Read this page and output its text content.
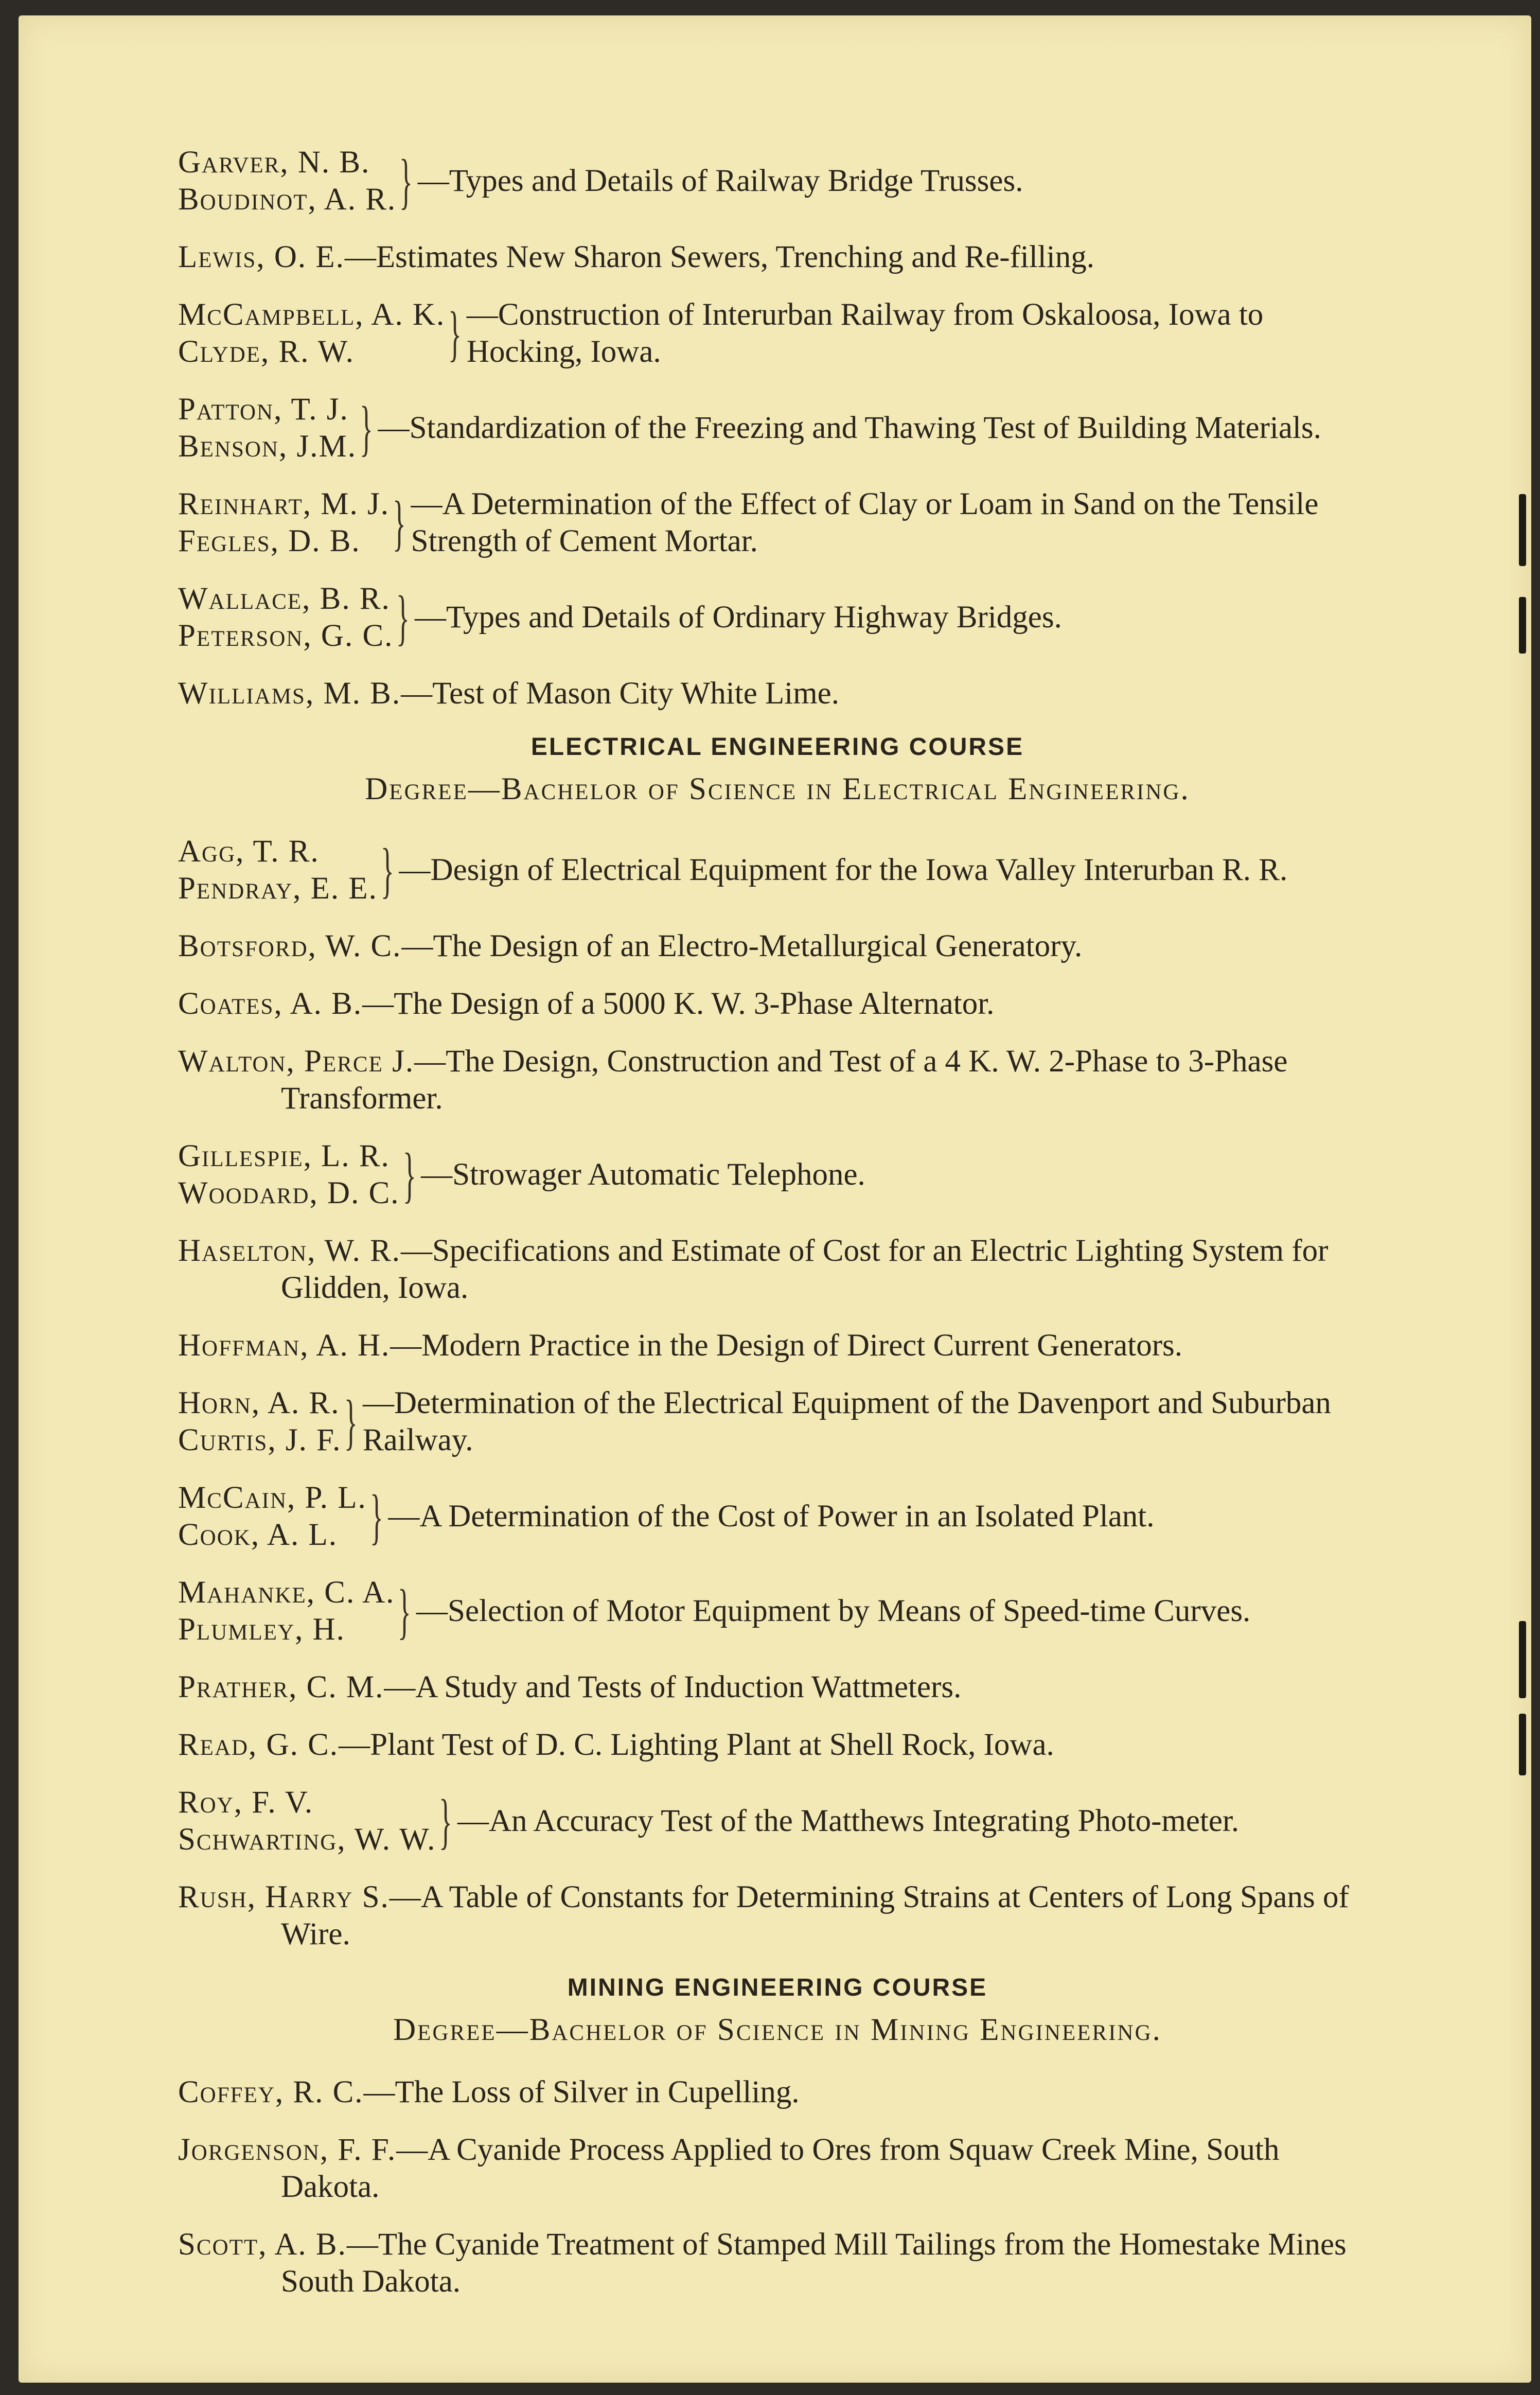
Garver, N. B.
Boudinot, A. R. } —Types and Details of Railway Bridge Trusses.
Lewis, O. E.—Estimates New Sharon Sewers, Trenching and Re-filling.
McCampbell, A. K.
Clyde, R. W.	} —Construction of Interurban Railway from Oskaloosa, Iowa to Hocking, Iowa.
Patton, T. J.
Benson, J.M. } —Standardization of the Freezing and Thawing Test of Building Materials.
Reinhart, M. J.
Fegles, D. B. } —A Determination of the Effect of Clay or Loam in Sand on the Tensile Strength of Cement Mortar.
Wallace, B. R.
Peterson, G. C. } —Types and Details of Ordinary Highway Bridges.
Williams, M. B.—Test of Mason City White Lime.
ELECTRICAL ENGINEERING COURSE
Degree—Bachelor of Science in Electrical Engineering.
Agg, T. R.
Pendray, E. E. } —Design of Electrical Equipment for the Iowa Valley Interurban R. R.
Botsford, W. C.—The Design of an Electro-Metallurgical Generatory.
Coates, A. B.—The Design of a 5000 K. W. 3-Phase Alternator.
Walton, Perce J.—The Design, Construction and Test of a 4 K. W. 2-Phase to 3-Phase Transformer.
Gillespie, L. R.
Woodard, D. C. } —Strowager Automatic Telephone.
Haselton, W. R.—Specifications and Estimate of Cost for an Electric Lighting System for Glidden, Iowa.
Hoffman, A. H.—Modern Practice in the Design of Direct Current Generators.
Horn, A. R.
Curtis, J. F. } —Determination of the Electrical Equipment of the Davenport and Suburban Railway.
McCain, P. L.
Cook, A. L. } —A Determination of the Cost of Power in an Isolated Plant.
Mahanke, C. A.
Plumley, H. } —Selection of Motor Equipment by Means of Speed-time Curves.
Prather, C. M.—A Study and Tests of Induction Wattmeters.
Read, G. C.—Plant Test of D. C. Lighting Plant at Shell Rock, Iowa.
Roy, F. V.
Schwarting, W. W. } —An Accuracy Test of the Matthews Integrating Photo-meter.
Rush, Harry S.—A Table of Constants for Determining Strains at Centers of Long Spans of Wire.
MINING ENGINEERING COURSE
Degree—Bachelor of Science in Mining Engineering.
Coffey, R. C.—The Loss of Silver in Cupelling.
Jorgenson, F. F.—A Cyanide Process Applied to Ores from Squaw Creek Mine, South Dakota.
Scott, A. B.—The Cyanide Treatment of Stamped Mill Tailings from the Homestake Mines South Dakota.
